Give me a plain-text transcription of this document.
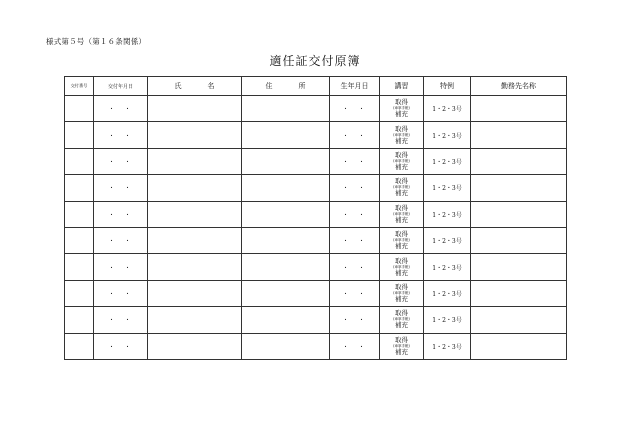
様式第５号（第１６条関係）
適任証交付原簿
交付番号	交付年月日	氏 名	住 所	生年月日	講習	特例	勤務先名称
	・　・			・　・	取得
(車掌手帳)
補充	1・2・3号	
	・　・			・　・	取得
(車掌手帳)
補充	1・2・3号	
	・　・			・　・	取得
(車掌手帳)
補充	1・2・3号	
	・　・			・　・	取得
(車掌手帳)
補充	1・2・3号	
	・　・			・　・	取得
(車掌手帳)
補充	1・2・3号	
	・　・			・　・	取得
(車掌手帳)
補充	1・2・3号	
	・　・			・　・	取得
(車掌手帳)
補充	1・2・3号	
	・　・			・　・	取得
(車掌手帳)
補充	1・2・3号	
	・　・			・　・	取得
(車掌手帳)
補充	1・2・3号	
	・　・			・　・	取得
(車掌手帳)
補充	1・2・3号	
